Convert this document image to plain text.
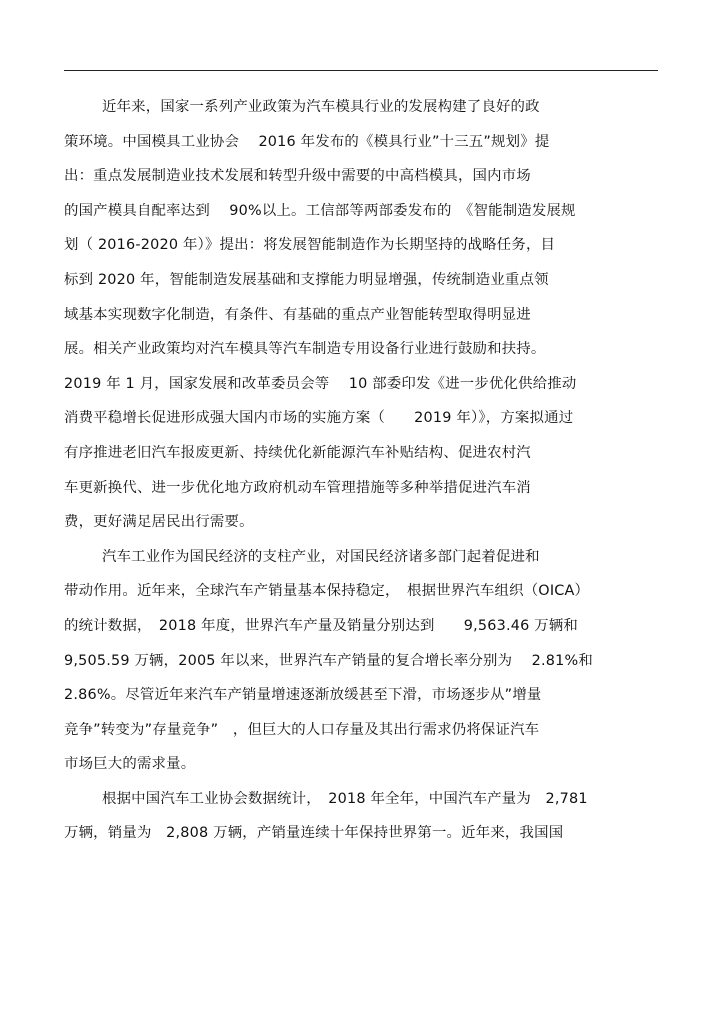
近年来，国家一系列产业政策为汽车模具行业的发展构建了良好的政
策环境。中国模具工业协会　 2016 年发布的《模具行业”十三五”规划》提
出：重点发展制造业技术发展和转型升级中需要的中高档模具，国内市场
的国产模具自配率达到　 90%以上。工信部等两部委发布的　《智能制造发展规
划（ 2016-2020 年）》提出：将发展智能制造作为长期坚持的战略任务，目
标到 2020 年，智能制造发展基础和支撑能力明显增强，传统制造业重点领
域基本实现数字化制造，有条件、有基础的重点产业智能转型取得明显进
展。相关产业政策均对汽车模具等汽车制造专用设备行业进行鼓励和扶持。
2019 年 1 月，国家发展和改革委员会等　 10 部委印发《进一步优化供给推动
消费平稳增长促进形成强大国内市场的实施方案（　　2019 年）》，方案拟通过
有序推进老旧汽车报废更新、持续优化新能源汽车补贴结构、促进农村汽
车更新换代、进一步优化地方政府机动车管理措施等多种举措促进汽车消
费，更好满足居民出行需要。
汽车工业作为国民经济的支柱产业，对国民经济诸多部门起着促进和
带动作用。近年来，全球汽车产销量基本保持稳定，　根据世界汽车组织（OICA）
的统计数据，　2018 年度，世界汽车产量及销量分别达到　　9,563.46 万辆和
9,505.59 万辆，2005 年以来，世界汽车产销量的复合增长率分别为　 2.81%和
2.86%。尽管近年来汽车产销量增速逐渐放缓甚至下滑，市场逐步从”增量
竞争”转变为”存量竞争”　，但巨大的人口存量及其出行需求仍将保证汽车
市场巨大的需求量。
根据中国汽车工业协会数据统计，　2018 年全年，中国汽车产量为　2,781
万辆，销量为　2,808 万辆，产销量连续十年保持世界第一。近年来，我国国
